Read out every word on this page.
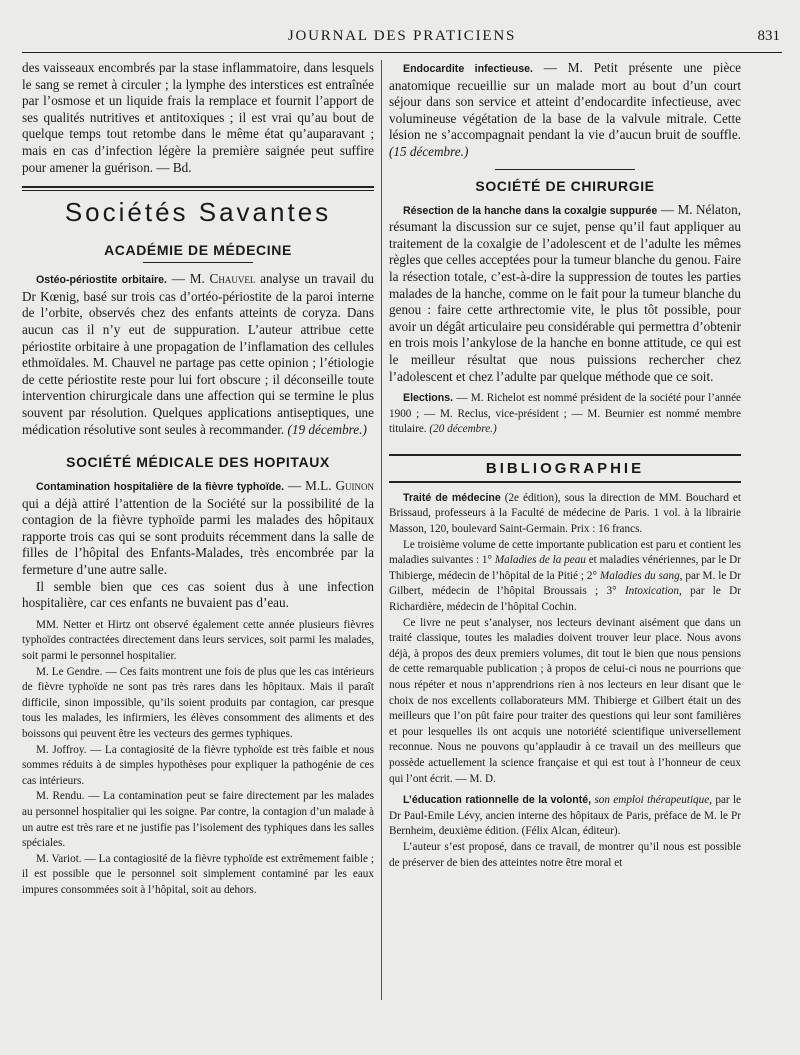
JOURNAL DES PRATICIENS	831

des vaisseaux encombrés par la stase inflammatoire, dans lesquels le sang se remet à circuler ; la lymphe des interstices est entraînée par l’osmose et un liquide frais la remplace et fournit l’apport de ses qualités nutritives et antitoxiques ; il est vrai qu’au bout de quelque temps tout retombe dans le même état qu’auparavant ; mais en cas d’infection légère la première saignée peut suffire pour amener la guérison. — Bd.

Sociétés Savantes
ACADÉMIE DE MÉDECINE

Ostéo-périostite orbitaire. — M. Chauvel analyse un travail du Dr Kœnig, basé sur trois cas d’ortéo-périostite de la paroi interne de l’orbite, observés chez des enfants atteints de coryza. Dans aucun cas il n’y eut de suppuration. L’auteur attribue cette périostite orbitaire à une propagation de l’inflamation des cellules ethmoïdales. M. Chauvel ne partage pas cette opinion ; l’étiologie de cette périostite reste pour lui fort obscure ; il déconseille toute intervention chirurgicale dans une affection qui se termine le plus souvent par résolution. Quelques applications antiseptiques, une médication résolutive sont seules à recommander. (19 décembre.)

SOCIÉTÉ MÉDICALE DES HOPITAUX

Contamination hospitalière de la fièvre typhoïde. — M.L. Guinon qui a déjà attiré l’attention de la Société sur la possibilité de la contagion de la fièvre typhoïde parmi les malades des hôpitaux rapporte trois cas qui se sont produits récemment dans la salle de filles de l’hôpital des Enfants-Malades, très encombrée par la fermeture d’une autre salle.

Il semble bien que ces cas soient dus à une infection hospitalière, car ces enfants ne buvaient pas d’eau.

MM. Netter et Hirtz ont observé également cette année plusieurs fièvres typhoïdes contractées directement dans leurs services, soit parmi les malades, soit parmi le personnel hospitalier.

M. Le Gendre. — Ces faits montrent une fois de plus que les cas intérieurs de fièvre typhoïde ne sont pas très rares dans les hôpitaux. Mais il paraît difficile, sinon impossible, qu’ils soient produits par contagion, car presque tous les malades, les infirmiers, les élèves consomment des aliments et des boissons qui peuvent être les vecteurs des germes typhiques.

M. Joffroy. — La contagiosité de la fièvre typhoïde est très faible et nous sommes réduits à de simples hypothèses pour expliquer la pathogénie de ces cas intérieurs.

M. Rendu. — La contamination peut se faire directement par les malades au personnel hospitalier qui les soigne. Par contre, la contagion d’un malade à un autre est très rare et ne justifie pas l’isolement des typhiques dans les salles spéciales.

M. Variot. — La contagiosité de la fièvre typhoïde est extrêmement faible ; il est possible que le personnel soit simplement contaminé par les eaux impures consommées soit à l’hôpital, soit au dehors.

Endocardite infectieuse. — M. Petit présente une pièce anatomique recueillie sur un malade mort au bout d’un court séjour dans son service et atteint d’endocardite infectieuse, avec volumineuse végétation de la base de la valvule mitrale. Cette lésion ne s’accompagnait pendant la vie d’aucun bruit de souffle. (15 décembre.)

SOCIÉTÉ DE CHIRURGIE

Résection de la hanche dans la coxalgie suppurée — M. Nélaton, résumant la discussion sur ce sujet, pense qu’il faut appliquer au traitement de la coxalgie de l’adolescent et de l’adulte les mêmes règles que celles acceptées pour la tumeur blanche du genou. Faire la résection totale, c’est-à-dire la suppression de toutes les parties malades de la hanche, comme on le fait pour la tumeur blanche du genou : faire cette arthrectomie vite, le plus tôt possible, pour avoir un dégât articulaire peu considérable qui permettra d’obtenir en trois mois l’ankylose de la hanche en bonne attitude, ce qui est le meilleur résultat que nous puissions rechercher chez l’adolescent et chez l’adulte par quelque méthode que ce soit.

Elections. — M. Richelot est nommé président de la société pour l’année 1900 ; — M. Reclus, vice-président ; — M. Beurnier est nommé membre titulaire. (20 décembre.)

BIBLIOGRAPHIE

Traité de médecine (2e édition), sous la direction de MM. Bouchard et Brissaud, professeurs à la Faculté de médecine de Paris. 1 vol. à la librairie Masson, 120, boulevard Saint-Germain. Prix : 16 francs.

Le troisième volume de cette importante publication est paru et contient les maladies suivantes : 1° Maladies de la peau et maladies vénériennes, par le Dr Thibierge, médecin de l’hôpital de la Pitié ; 2° Maladies du sang, par M. le Dr Gilbert, médecin de l’hôpital Broussais ; 3° Intoxication, par le Dr Richardière, médecin de l’hôpital Cochin.

Ce livre ne peut s’analyser, nos lecteurs devinant aisément que dans un traité classique, toutes les maladies doivent trouver leur place. Nous avons déjà, à propos des deux premiers volumes, dit tout le bien que nous pensions de cette remarquable publication ; à propos de celui-ci nous ne pourrions que nous répéter et nous n’apprendrions rien à nos lecteurs en leur disant que le choix de nos excellents collaborateurs MM. Thibierge et Gilbert était un des meilleurs que l’on pût faire pour traiter des questions qui leur sont familières et pour lesquelles ils ont acquis une notoriété scientifique universellement reconnue. Nous ne pouvons qu’applaudir à ce travail un des meilleurs que possède actuellement la science française et qui est tout à l’honneur de ceux qui l’ont écrit. — M. D.

L’éducation rationnelle de la volonté, son emploi thérapeutique, par le Dr Paul-Emile Lévy, ancien interne des hôpitaux de Paris, préface de M. le Pr Bernheim, deuxième édition. (Félix Alcan, éditeur).

L’auteur s’est proposé, dans ce travail, de montrer qu’il nous est possible de préserver de bien des atteintes notre être moral et
